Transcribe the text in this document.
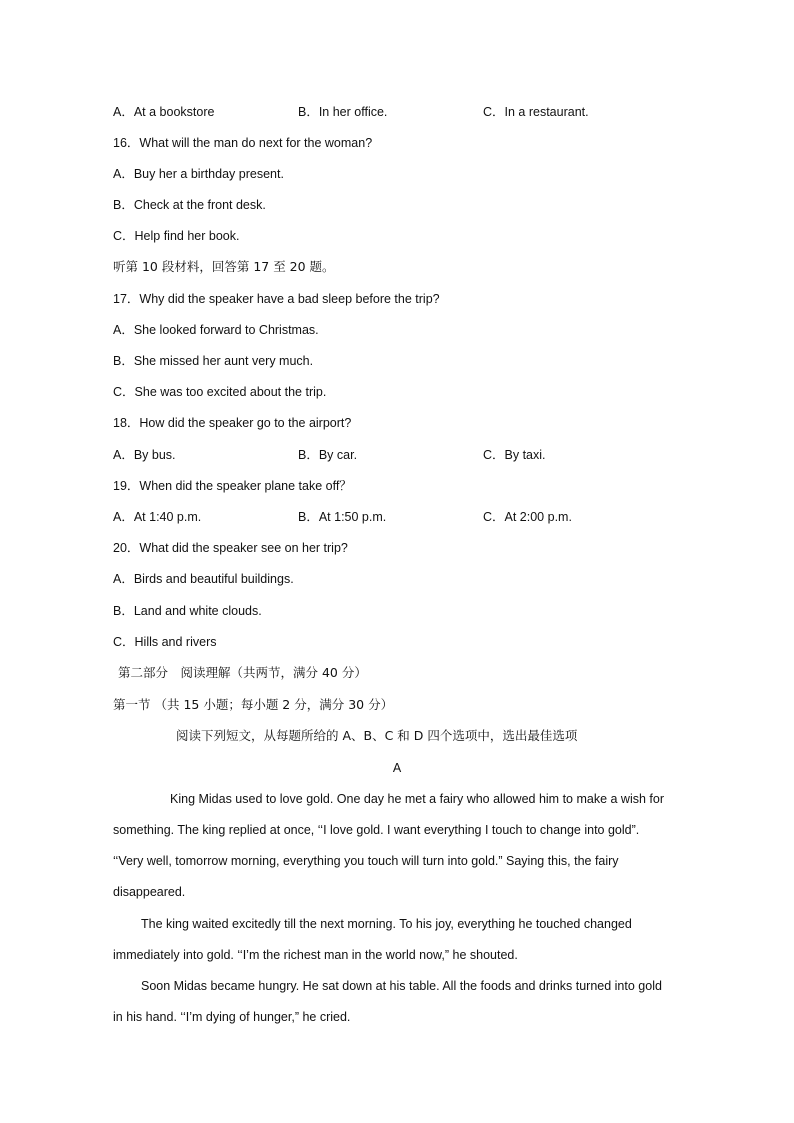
A．At a bookstore	B．In her office.	C．In a restaurant.
16．What will the man do next for the woman?
A．Buy her a birthday present.
B．Check at the front desk.
C．Help find her book.
听第 10 段材料，回答第 17 至 20 题。
17．Why did the speaker have a bad sleep before the trip?
A．She looked forward to Christmas.
B．She missed her aunt very much.
C．She was too excited about the trip.
18．How did the speaker go to the airport?
A．By bus.	B．By car.	C．By taxi.
19．When did the speaker plane take off？
A．At 1:40 p.m.	B．At 1:50 p.m.	C．At 2:00 p.m.
20．What did the speaker see on her trip?
A．Birds and beautiful buildings.
B．Land and white clouds.
C．Hills and rivers
第二部分　阅读理解（共两节，满分 40 分）
第一节 （共 15 小题；每小题 2 分，满分 30 分）
阅读下列短文，从每题所给的 A、B、C 和 D 四个选项中，选出最佳选项
A
King Midas used to love gold. One day he met a fairy who allowed him to make a wish for
something. The king replied at once, ‘‘I love gold. I want everything I touch to change into gold”.
‘‘Very well, tomorrow morning, everything you touch will turn into gold.” Saying this, the fairy
disappeared.
The king waited excitedly till the next morning. To his joy, everything he touched changed
immediately into gold. ‘‘I’m the richest man in the world now,” he shouted.
Soon Midas became hungry. He sat down at his table. All the foods and drinks turned into gold
in his hand. ‘‘I’m dying of hunger,” he cried.
